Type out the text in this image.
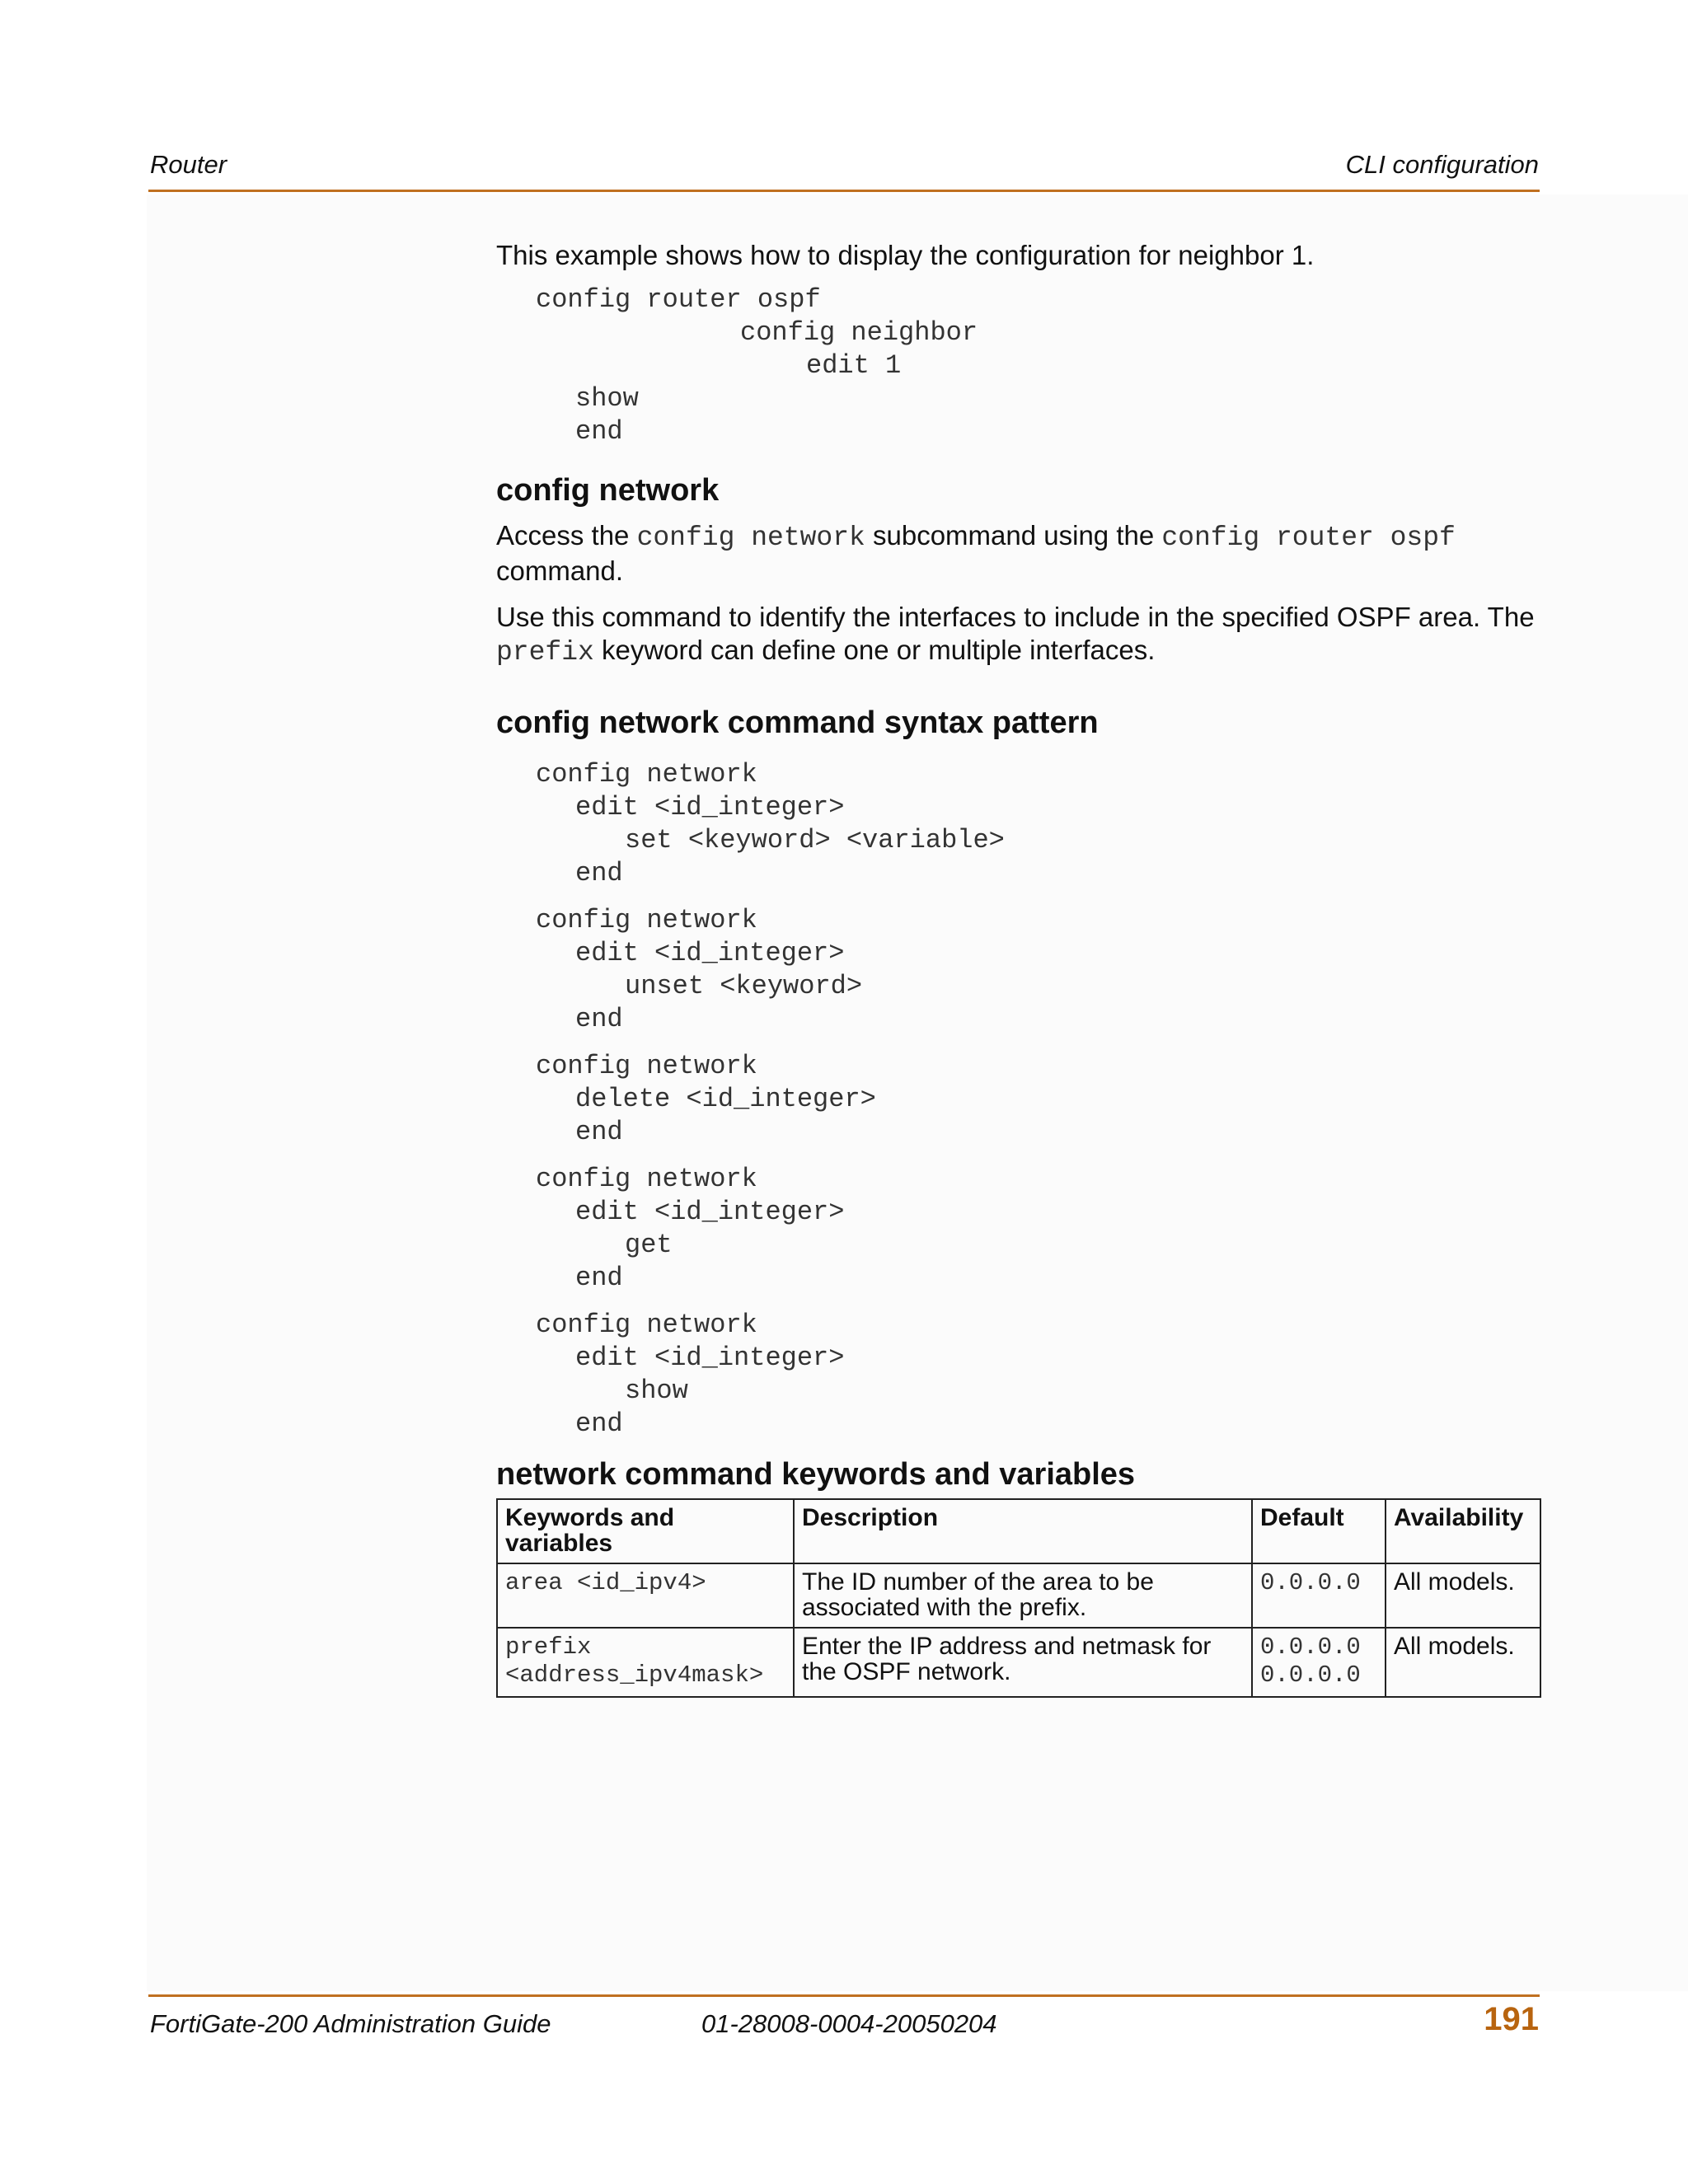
Router	CLI configuration

This example shows how to display the configuration for neighbor 1.

config router ospf
config neighbor
edit 1
show
end
config network

Access the config network subcommand using the config router ospf
command.

Use this command to identify the interfaces to include in the specified OSPF area. The
prefix keyword can define one or multiple interfaces.

config network command syntax pattern
config network
edit <id_integer>
set <keyword> <variable>
end
config network
edit <id_integer>
unset <keyword>
end
config network
delete <id_integer>
end
config network
edit <id_integer>
get
end
config network
edit <id_integer>
show
end
network command keywords and variables
Keywords and variables	Description	Default	Availability
area <id_ipv4>	The ID number of the area to be associated with the prefix.	0.0.0.0	All models.
prefix <address_ipv4mask>	Enter the IP address and netmask for the OSPF network.	0.0.0.0 0.0.0.0	All models.
FortiGate-200 Administration Guide	01-28008-0004-20050204	191
